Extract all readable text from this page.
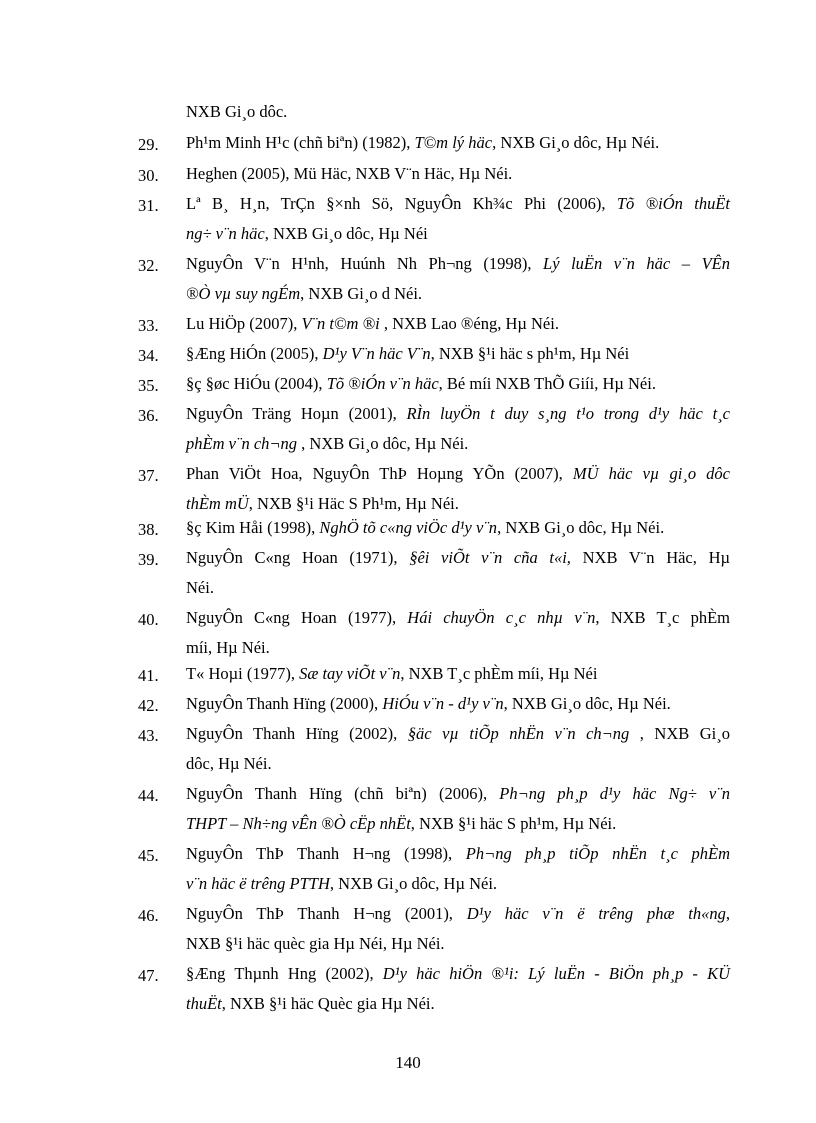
NXB Gi¸o dôc.
29. Ph¹m Minh H¹c (chñ biªn) (1982), T©m lý häc, NXB Gi¸o dôc, Hµ Néi.
30. Heghen (2005), Mü Häc, NXB V¨n Häc, Hµ Néi.
31. Lª B¸ H¸n, TrÇn §×nh Sö, NguyÔn Kh¾c Phi (2006), Tõ ®iÓn thuËt
ng÷ v¨n häc, NXB Gi¸o dôc, Hµ Néi
32. NguyÔn V¨n H¹nh, Huúnh Nh Ph¬ng (1998), Lý luËn v¨n häc – VÊn
®Ò vµ suy ngÉm, NXB Gi¸o d Néi.
33. Lu HiÖp (2007), V¨n t©m ®i , NXB Lao ®éng, Hµ Néi.
34. §Æng HiÓn (2005), D¹y V¨n häc V¨n, NXB §¹i häc s ph¹m, Hµ Néi
35. §ç §øc HiÓu (2004), Tõ ®iÓn v¨n häc, Bé míi NXB ThÕ Giíi, Hµ Néi.
36. NguyÔn Träng Hoµn (2001), RÌn luyÖn t duy s¸ng t¹o trong d¹y häc t¸c
phÈm v¨n ch¬ng , NXB Gi¸o dôc, Hµ Néi.
37. Phan ViÖt Hoa, NguyÔn ThÞ Hoµng YÕn (2007), MÜ häc vµ gi¸o dôc
thÈm mÜ, NXB §¹i Häc S Ph¹m, Hµ Néi.
38. §ç Kim Håi (1998), NghÖ tõ c«ng viÖc d¹y v¨n, NXB Gi¸o dôc, Hµ Néi.
39. NguyÔn C«ng Hoan (1971), §êi viÕt v¨n cña t«i, NXB V¨n Häc, Hµ
Néi.
40. NguyÔn C«ng Hoan (1977), Hái chuyÖn c¸c nhµ v¨n, NXB T¸c phÈm
míi, Hµ Néi.
41. T« Hoµi (1977), Sæ tay viÕt v¨n, NXB T¸c phÈm míi, Hµ Néi
42. NguyÔn Thanh Hïng (2000), HiÓu v¨n - d¹y v¨n, NXB Gi¸o dôc, Hµ Néi.
43. NguyÔn Thanh Hïng (2002), §äc vµ tiÕp nhËn v¨n ch¬ng , NXB Gi¸o
dôc, Hµ Néi.
44. NguyÔn Thanh Hïng (chñ biªn) (2006), Ph¬ng ph¸p d¹y häc Ng÷ v¨n
THPT – Nh÷ng vÊn ®Ò cËp nhËt, NXB §¹i häc S ph¹m, Hµ Néi.
45. NguyÔn ThÞ Thanh H¬ng (1998), Ph¬ng ph¸p tiÕp nhËn t¸c phÈm
v¨n häc ë trêng PTTH, NXB Gi¸o dôc, Hµ Néi.
46. NguyÔn ThÞ Thanh H¬ng (2001), D¹y häc v¨n ë trêng phæ th«ng,
NXB §¹i häc quèc gia Hµ Néi, Hµ Néi.
47. §Æng Thµnh Hng (2002), D¹y häc hiÖn ®¹i: Lý luËn - BiÖn ph¸p - KÜ
thuËt, NXB §¹i häc Quèc gia Hµ Néi.
140
